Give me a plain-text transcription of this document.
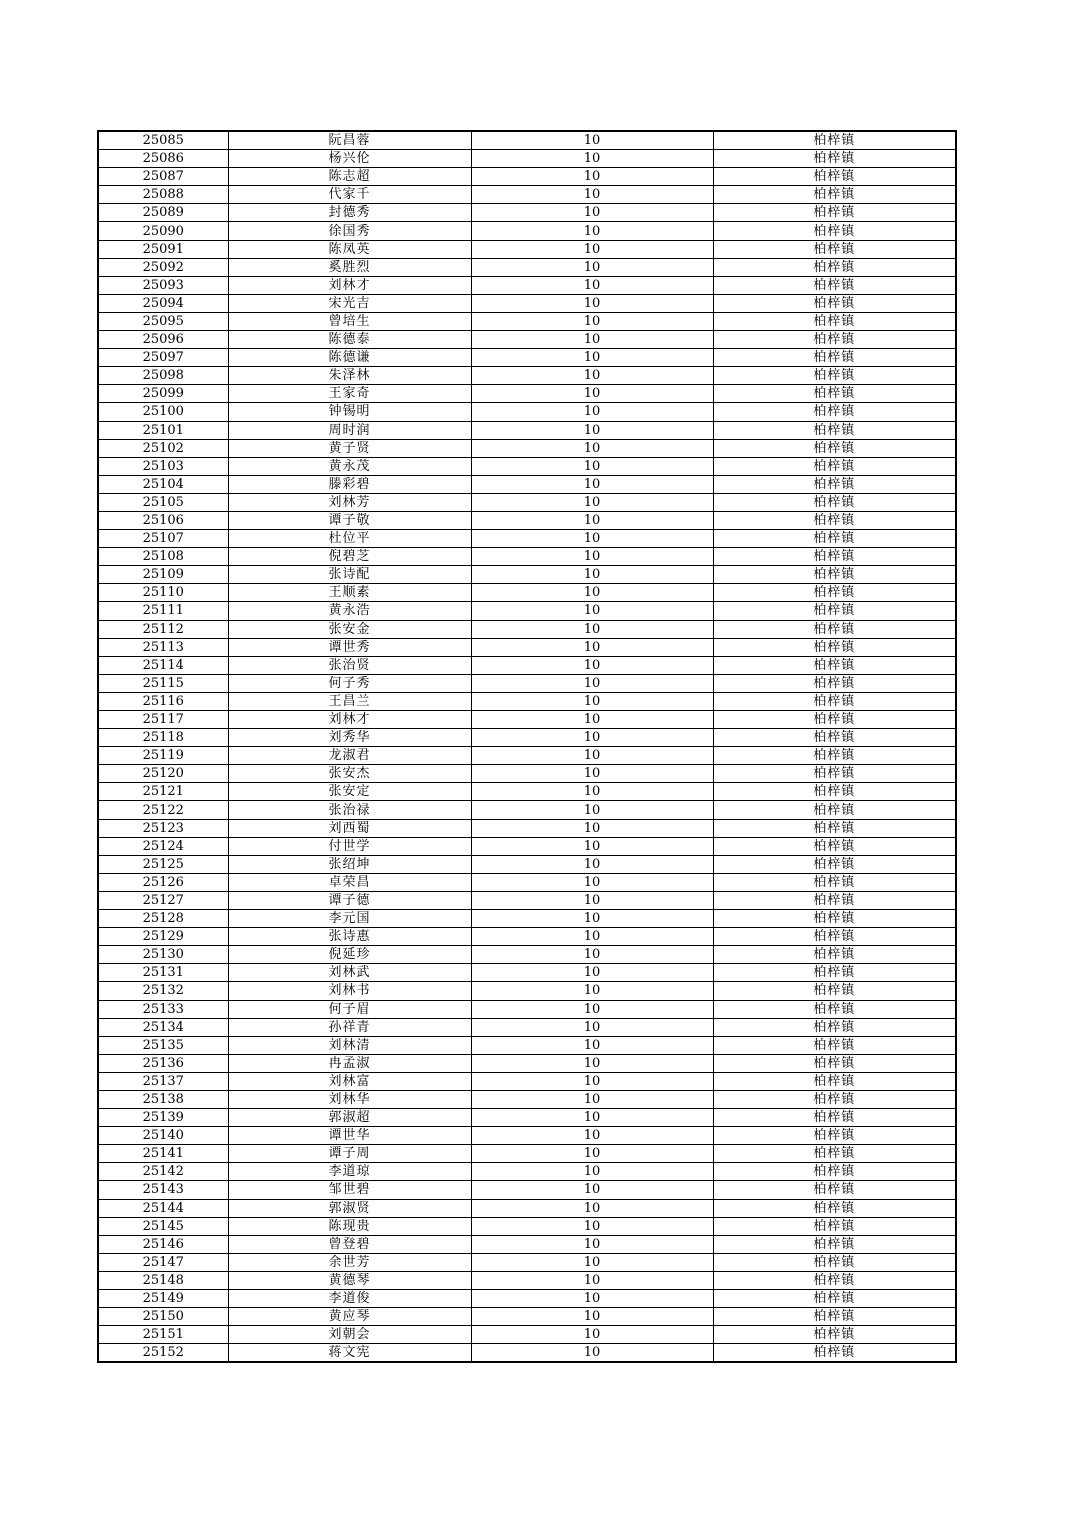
25085	阮昌蓉	10	柏梓镇
25086	杨兴伦	10	柏梓镇
25087	陈志超	10	柏梓镇
25088	代家千	10	柏梓镇
25089	封德秀	10	柏梓镇
25090	徐国秀	10	柏梓镇
25091	陈凤英	10	柏梓镇
25092	奚胜烈	10	柏梓镇
25093	刘林才	10	柏梓镇
25094	宋光吉	10	柏梓镇
25095	曾培生	10	柏梓镇
25096	陈德泰	10	柏梓镇
25097	陈德谦	10	柏梓镇
25098	朱泽林	10	柏梓镇
25099	王家奇	10	柏梓镇
25100	钟锡明	10	柏梓镇
25101	周时润	10	柏梓镇
25102	黄子贤	10	柏梓镇
25103	黄永茂	10	柏梓镇
25104	滕彩碧	10	柏梓镇
25105	刘林芳	10	柏梓镇
25106	谭子敬	10	柏梓镇
25107	杜位平	10	柏梓镇
25108	倪碧芝	10	柏梓镇
25109	张诗配	10	柏梓镇
25110	王顺素	10	柏梓镇
25111	黄永浩	10	柏梓镇
25112	张安金	10	柏梓镇
25113	谭世秀	10	柏梓镇
25114	张治贤	10	柏梓镇
25115	何子秀	10	柏梓镇
25116	王昌兰	10	柏梓镇
25117	刘林才	10	柏梓镇
25118	刘秀华	10	柏梓镇
25119	龙淑君	10	柏梓镇
25120	张安杰	10	柏梓镇
25121	张安定	10	柏梓镇
25122	张治禄	10	柏梓镇
25123	刘西蜀	10	柏梓镇
25124	付世学	10	柏梓镇
25125	张绍坤	10	柏梓镇
25126	卓荣昌	10	柏梓镇
25127	谭子德	10	柏梓镇
25128	李元国	10	柏梓镇
25129	张诗惠	10	柏梓镇
25130	倪延珍	10	柏梓镇
25131	刘林武	10	柏梓镇
25132	刘林书	10	柏梓镇
25133	何子眉	10	柏梓镇
25134	孙祥青	10	柏梓镇
25135	刘林清	10	柏梓镇
25136	冉孟淑	10	柏梓镇
25137	刘林富	10	柏梓镇
25138	刘林华	10	柏梓镇
25139	郭淑超	10	柏梓镇
25140	谭世华	10	柏梓镇
25141	谭子周	10	柏梓镇
25142	李道琼	10	柏梓镇
25143	邹世碧	10	柏梓镇
25144	郭淑贤	10	柏梓镇
25145	陈现贵	10	柏梓镇
25146	曾登碧	10	柏梓镇
25147	余世芳	10	柏梓镇
25148	黄德琴	10	柏梓镇
25149	李道俊	10	柏梓镇
25150	黄应琴	10	柏梓镇
25151	刘朝会	10	柏梓镇
25152	蒋文宪	10	柏梓镇
